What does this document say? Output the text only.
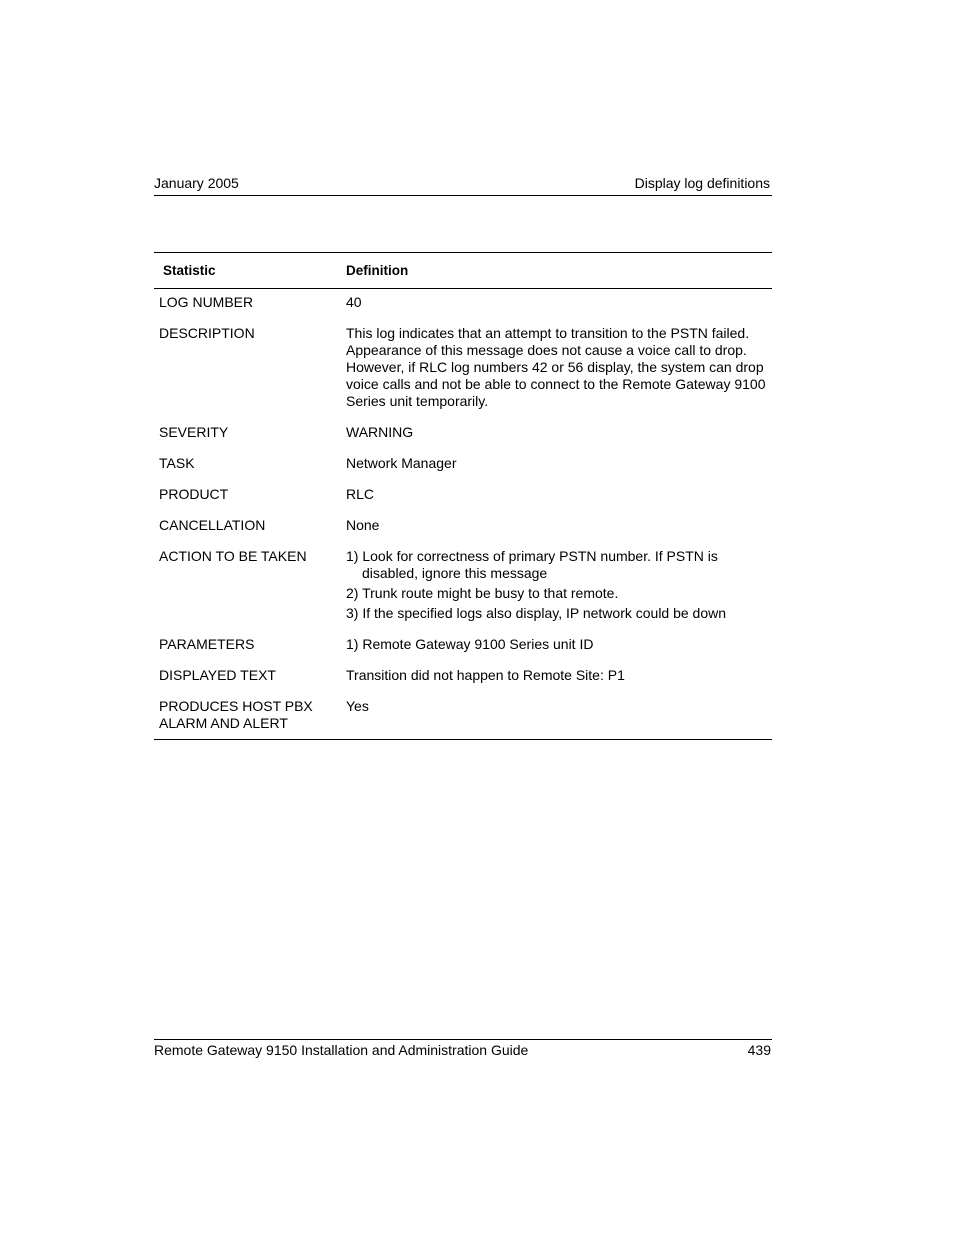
January 2005	Display log definitions
Statistic	Definition

LOG NUMBER	40

DESCRIPTION	This log indicates that an attempt to transition to the PSTN failed. Appearance of this message does not cause a voice call to drop. However, if RLC log numbers 42 or 56 display, the system can drop voice calls and not be able to connect to the Remote Gateway 9100 Series unit temporarily.

SEVERITY	WARNING

TASK	Network Manager

PRODUCT	RLC

CANCELLATION	None

ACTION TO BE TAKEN	1) Look for correctness of primary PSTN number. If PSTN is disabled, ignore this message

2) Trunk route might be busy to that remote.

3) If the specified logs also display, IP network could be down

PARAMETERS	1) Remote Gateway 9100 Series unit ID

DISPLAYED TEXT	Transition did not happen to Remote Site: P1

PRODUCES HOST PBX ALARM AND ALERT	Yes
Remote Gateway 9150 Installation and Administration Guide	439
